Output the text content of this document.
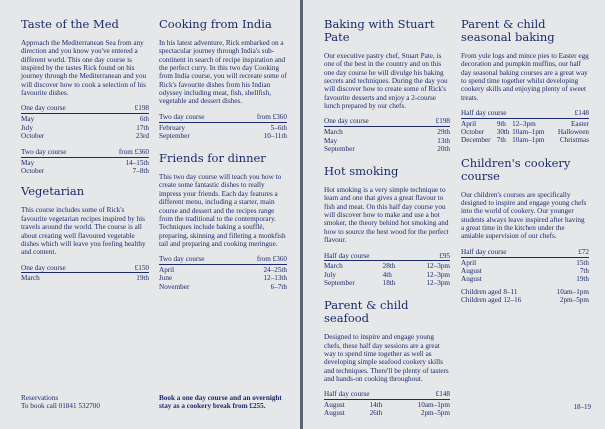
Taste of the Med

Approach the Mediterranean Sea from any direction and you know you've entered a different world. This one day course is inspired by the tastes Rick found on his journey through the Mediterranean and you will discover how to cook a selection of his favourite dishes.

One day course	£198
May	6th
July	17th
October	23rd
Two day course	from £360
May	14–15th
October	7–8th
Vegetarian

This course includes some of Rick's favourite vegetarian recipes inspired by his travels around the world. The course is all about creating well flavoured vegetable dishes which will leave you feeling healthy and content.

One day course	£150
March	19th
Reservations
To book call 01841 532700
Cooking from India

In his latest adventure, Rick embarked on a spectacular journey through India's sub-continent in search of recipe inspiration and the perfect curry. In this two day Cooking from India course, you will recreate some of Rick's favourite dishes from his Indian odyssey including meat, fish, shellfish, vegetable and dessert dishes.

Two day course	from £360
February	5–6th
September	10–11th
Friends for dinner

This two day course will teach you how to create some fantastic dishes to really impress your friends. Each day features a different menu, including a starter, main course and dessert and the recipes range from the traditional to the contemporary. Techniques include baking a soufflé, preparing, skinning and filleting a monkfish tail and preparing and cooking meringue.

Two day course	from £360
April	24–25th
June	12–13th
November	6–7th
Book a one day course and an overnight stay as a cookery break from £255.
Baking with Stuart Pate

Our executive pastry chef, Stuart Pate, is one of the best in the country and on this one day course he will divulge his baking secrets and techniques. During the day you will discover how to create some of Rick's favourite desserts and enjoy a 2-course lunch prepared by our chefs.

One day course	£198
March	29th
May	13th
September	20th
Hot smoking

Hot smoking is a very simple technique to learn and one that gives a great flavour to fish and meat. On this half day course you will discover how to make and use a hot smoker, the theory behind hot smoking and how to source the best wood for the perfect flavour.

Half day course		£95
March	28th	12–3pm
July	4th	12–3pm
September	18th	12–3pm
Parent & child seafood

Designed to inspire and engage young chefs, these half day sessions are a great way to spend time together as well as developing simple seafood cookery skills and techniques. There'll be plenty of tasters and hands-on cooking throughout.

Half day course		£148
August	14th	10am–1pm
August	26th	2pm–5pm
Parent & child
seasonal baking

From yule logs and mince pies to Easter egg decoration and pumpkin muffins, our half day seasonal baking courses are a great way to spend time together whilst developing cookery skills and enjoying plenty of sweet treats.

Half day course			£148
April	9th	12–3pm	Easter
October	30th	10am–1pm	Halloween
December	7th	10am–1pm	Christmas
Children's cookery course

Our children's courses are specifically designed to inspire and engage young chefs into the world of cookery. Our younger students always leave inspired after having a great time in the kitchen under the amiable supervision of our chefs.

Half day course	£72
April	15th
August	7th
August	19th
Children aged 8–11	10am–1pm
Children aged 12–16	2pm–5pm
18–19
